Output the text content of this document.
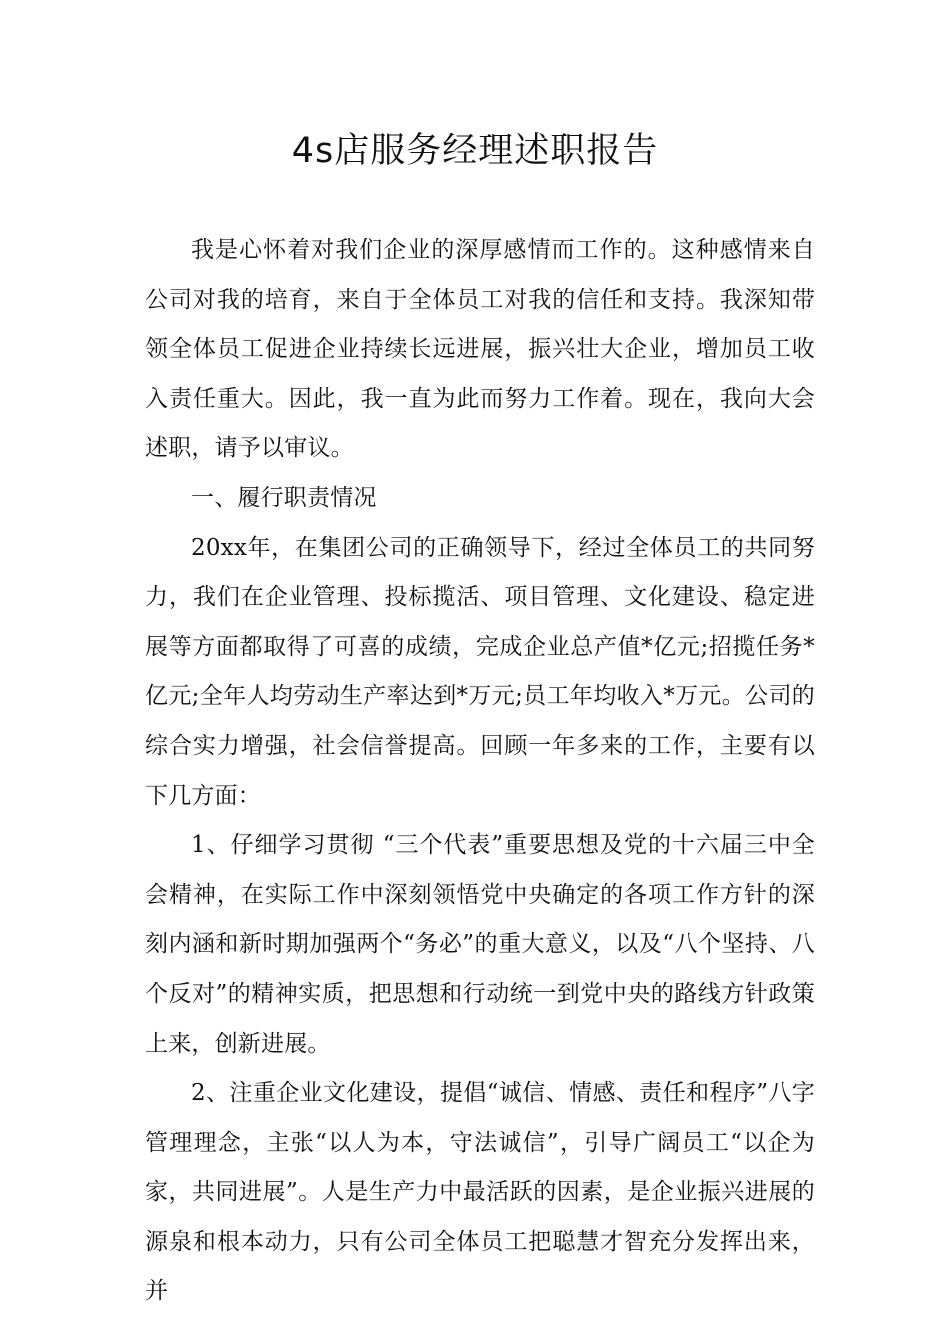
4s店服务经理述职报告

我是心怀着对我们企业的深厚感情而工作的。这种感情来自公司对我的培育，来自于全体员工对我的信任和支持。我深知带领全体员工促进企业持续长远进展，振兴壮大企业，增加员工收入责任重大。因此，我一直为此而努力工作着。现在，我向大会述职，请予以审议。

一、履行职责情况

20xx年，在集团公司的正确领导下，经过全体员工的共同努力，我们在企业管理、投标揽活、项目管理、文化建设、稳定进展等方面都取得了可喜的成绩，完成企业总产值*亿元;招揽任务*亿元;全年人均劳动生产率达到*万元;员工年均收入*万元。公司的综合实力增强，社会信誉提高。回顾一年多来的工作，主要有以下几方面：

1、仔细学习贯彻 “三个代表”重要思想及党的十六届三中全会精神，在实际工作中深刻领悟党中央确定的各项工作方针的深刻内涵和新时期加强两个“务必”的重大意义，以及“八个坚持、八个反对”的精神实质，把思想和行动统一到党中央的路线方针政策上来，创新进展。

2、注重企业文化建设，提倡“诚信、情感、责任和程序”八字管理理念，主张“以人为本，守法诚信”，引导广阔员工“以企为家，共同进展”。人是生产力中最活跃的因素，是企业振兴进展的源泉和根本动力，只有公司全体员工把聪慧才智充分发挥出来，并
